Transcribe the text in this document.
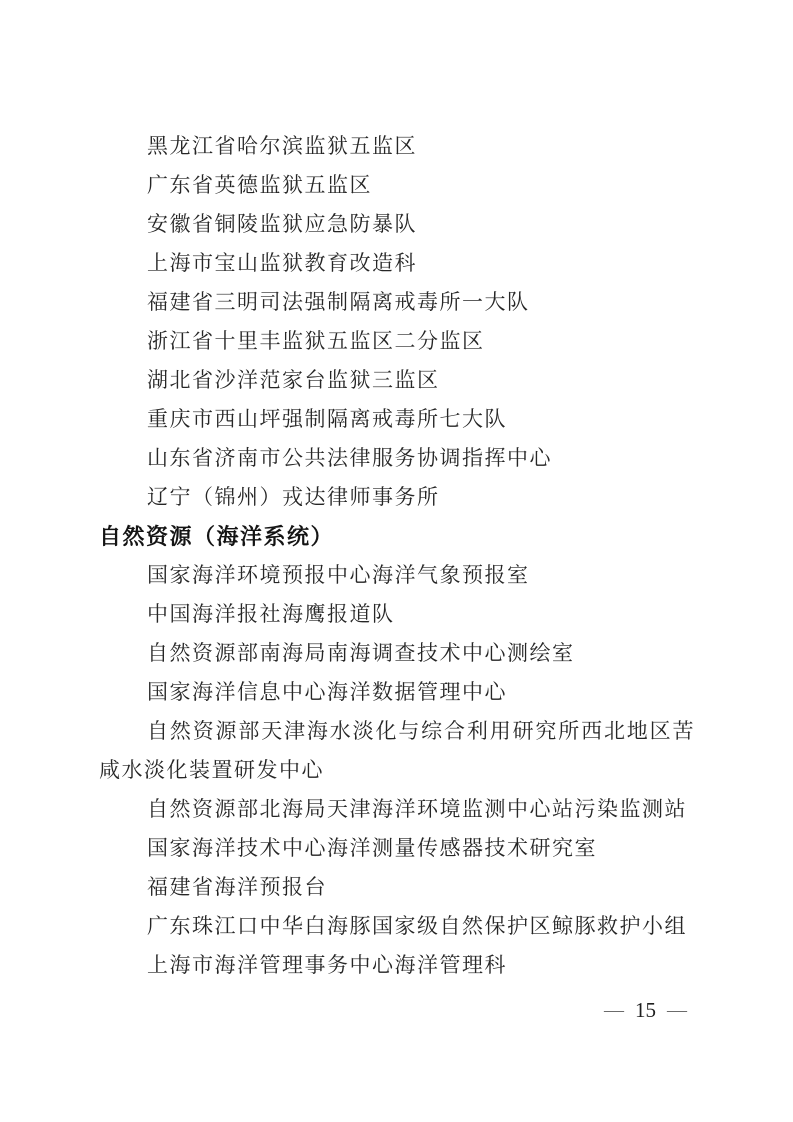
黑龙江省哈尔滨监狱五监区

广东省英德监狱五监区

安徽省铜陵监狱应急防暴队

上海市宝山监狱教育改造科

福建省三明司法强制隔离戒毒所一大队

浙江省十里丰监狱五监区二分监区

湖北省沙洋范家台监狱三监区

重庆市西山坪强制隔离戒毒所七大队

山东省济南市公共法律服务协调指挥中心

辽宁（锦州）戎达律师事务所

自然资源（海洋系统）

国家海洋环境预报中心海洋气象预报室

中国海洋报社海鹰报道队

自然资源部南海局南海调查技术中心测绘室

国家海洋信息中心海洋数据管理中心

自然资源部天津海水淡化与综合利用研究所西北地区苦咸水淡化装置研发中心

自然资源部北海局天津海洋环境监测中心站污染监测站

国家海洋技术中心海洋测量传感器技术研究室

福建省海洋预报台

广东珠江口中华白海豚国家级自然保护区鲸豚救护小组

上海市海洋管理事务中心海洋管理科

— 15 —
